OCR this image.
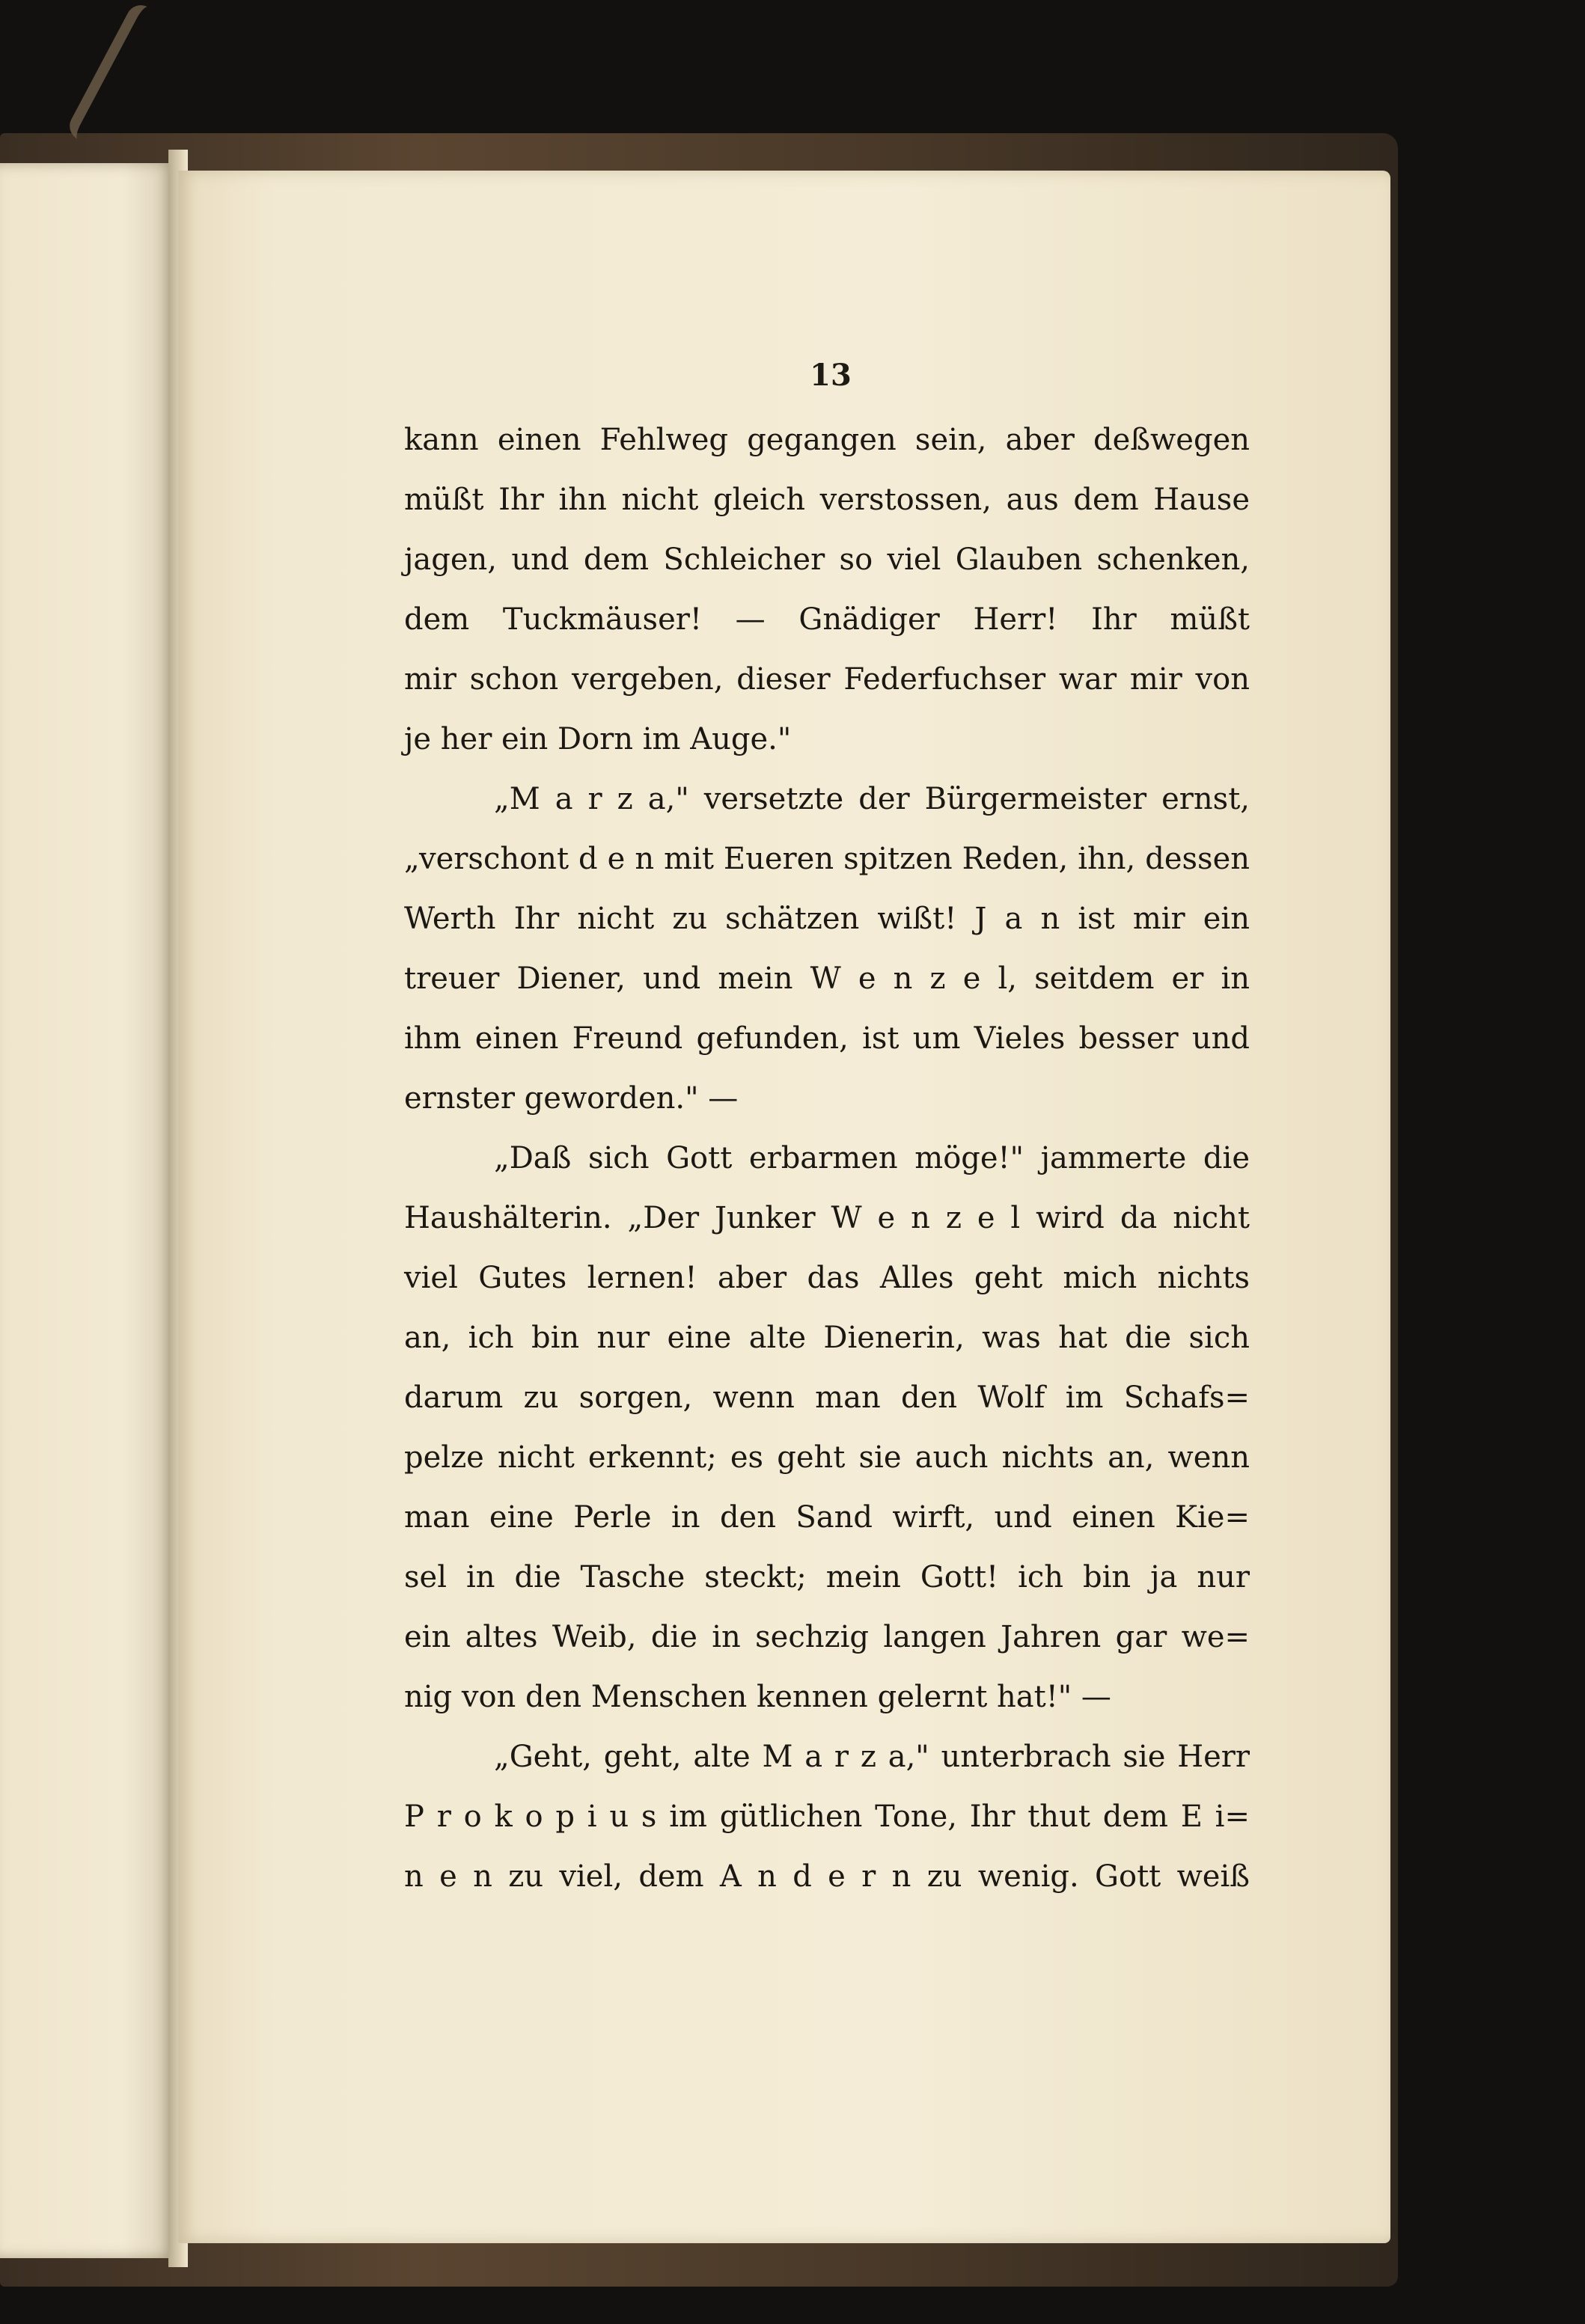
13
kann einen Fehlweg gegangen sein, aber deßwegen
müßt Ihr ihn nicht gleich verstossen, aus dem Hause
jagen, und dem Schleicher so viel Glauben schenken,
dem Tuckmäuser! — Gnädiger Herr! Ihr müßt
mir schon vergeben, dieser Federfuchser war mir von
je her ein Dorn im Auge."
„M a r z a," versetzte der Bürgermeister ernst,
„verschont d e n mit Eueren spitzen Reden, ihn, dessen
Werth Ihr nicht zu schätzen wißt! J a n ist mir ein
treuer Diener, und mein W e n z e l, seitdem er in
ihm einen Freund gefunden, ist um Vieles besser und
ernster geworden." —
„Daß sich Gott erbarmen möge!" jammerte die
Haushälterin. „Der Junker W e n z e l wird da nicht
viel Gutes lernen! aber das Alles geht mich nichts
an, ich bin nur eine alte Dienerin, was hat die sich
darum zu sorgen, wenn man den Wolf im Schafs=
pelze nicht erkennt; es geht sie auch nichts an, wenn
man eine Perle in den Sand wirft, und einen Kie=
sel in die Tasche steckt; mein Gott! ich bin ja nur
ein altes Weib, die in sechzig langen Jahren gar we=
nig von den Menschen kennen gelernt hat!" —
„Geht, geht, alte M a r z a," unterbrach sie Herr
P r o k o p i u s im gütlichen Tone, Ihr thut dem E i=
n e n zu viel, dem A n d e r n zu wenig. Gott weiß
